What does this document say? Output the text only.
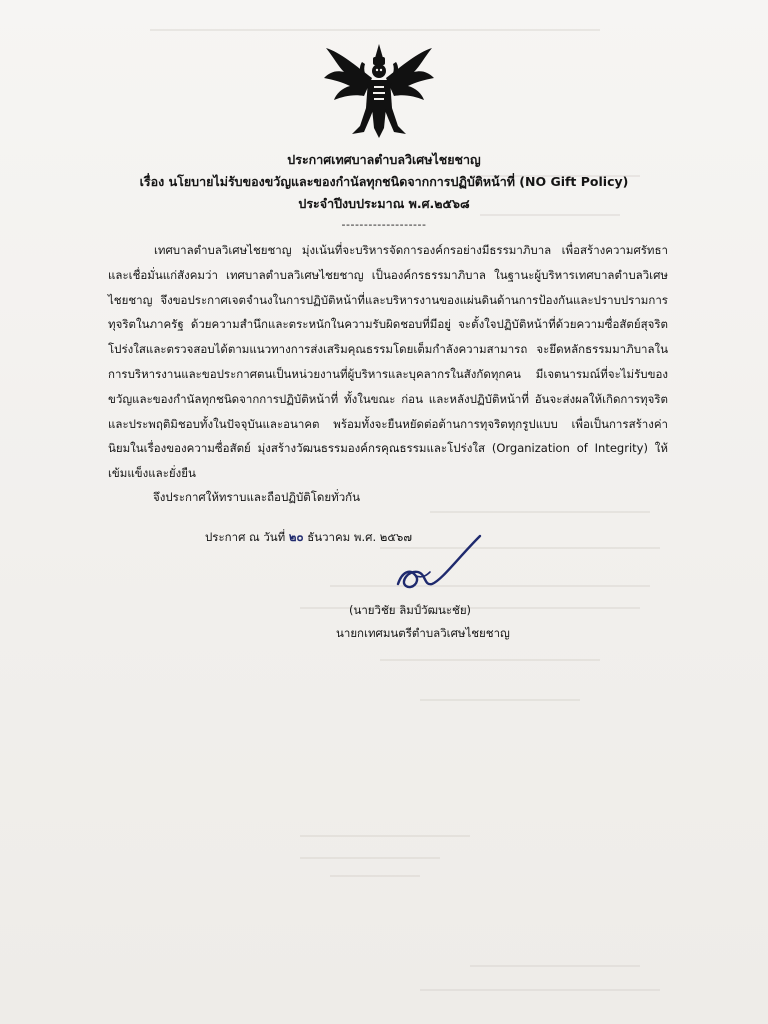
ประกาศเทศบาลตำบลวิเศษไชยชาญ
เรื่อง นโยบายไม่รับของขวัญและของกำนัลทุกชนิดจากการปฏิบัติหน้าที่ (NO Gift Policy)
ประจำปีงบประมาณ พ.ศ.๒๕๖๘
-------------------

เทศบาลตำบลวิเศษไชยชาญ มุ่งเน้นที่จะบริหารจัดการองค์กรอย่างมีธรรมาภิบาล เพื่อสร้างความศรัทธาและเชื่อมั่นแก่สังคมว่า เทศบาลตำบลวิเศษไชยชาญ เป็นองค์กรธรรมาภิบาล ในฐานะผู้บริหารเทศบาลตำบลวิเศษไชยชาญ จึงขอประกาศเจตจำนงในการปฏิบัติหน้าที่และบริหารงานของแผ่นดินด้านการป้องกันและปราบปรามการทุจริตในภาครัฐ ด้วยความสำนึกและตระหนักในความรับผิดชอบที่มีอยู่ จะตั้งใจปฏิบัติหน้าที่ด้วยความซื่อสัตย์สุจริต โปร่งใสและตรวจสอบได้ตามแนวทางการส่งเสริมคุณธรรมโดยเต็มกำลังความสามารถ จะยึดหลักธรรมมาภิบาลในการบริหารงานและขอประกาศตนเป็นหน่วยงานที่ผู้บริหารและบุคลากรในสังกัดทุกคน มีเจตนารมณ์ที่จะไม่รับของขวัญและของกำนัลทุกชนิดจากการปฏิบัติหน้าที่ ทั้งในขณะ ก่อน และหลังปฏิบัติหน้าที่ อันจะส่งผลให้เกิดการทุจริตและประพฤติมิชอบทั้งในปัจจุบันและอนาคต พร้อมทั้งจะยืนหยัดต่อต้านการทุจริตทุกรูปแบบ เพื่อเป็นการสร้างค่านิยมในเรื่องของความซื่อสัตย์ มุ่งสร้างวัฒนธรรมองค์กรคุณธรรมและโปร่งใส (Organization of Integrity) ให้เข้มแข็งและยั่งยืน

จึงประกาศให้ทราบและถือปฏิบัติโดยทั่วกัน
ประกาศ ณ วันที่ ๒๐ ธันวาคม พ.ศ. ๒๕๖๗
(นายวิชัย ลิมป์วัฒนะชัย)
นายกเทศมนตรีตำบลวิเศษไชยชาญ
